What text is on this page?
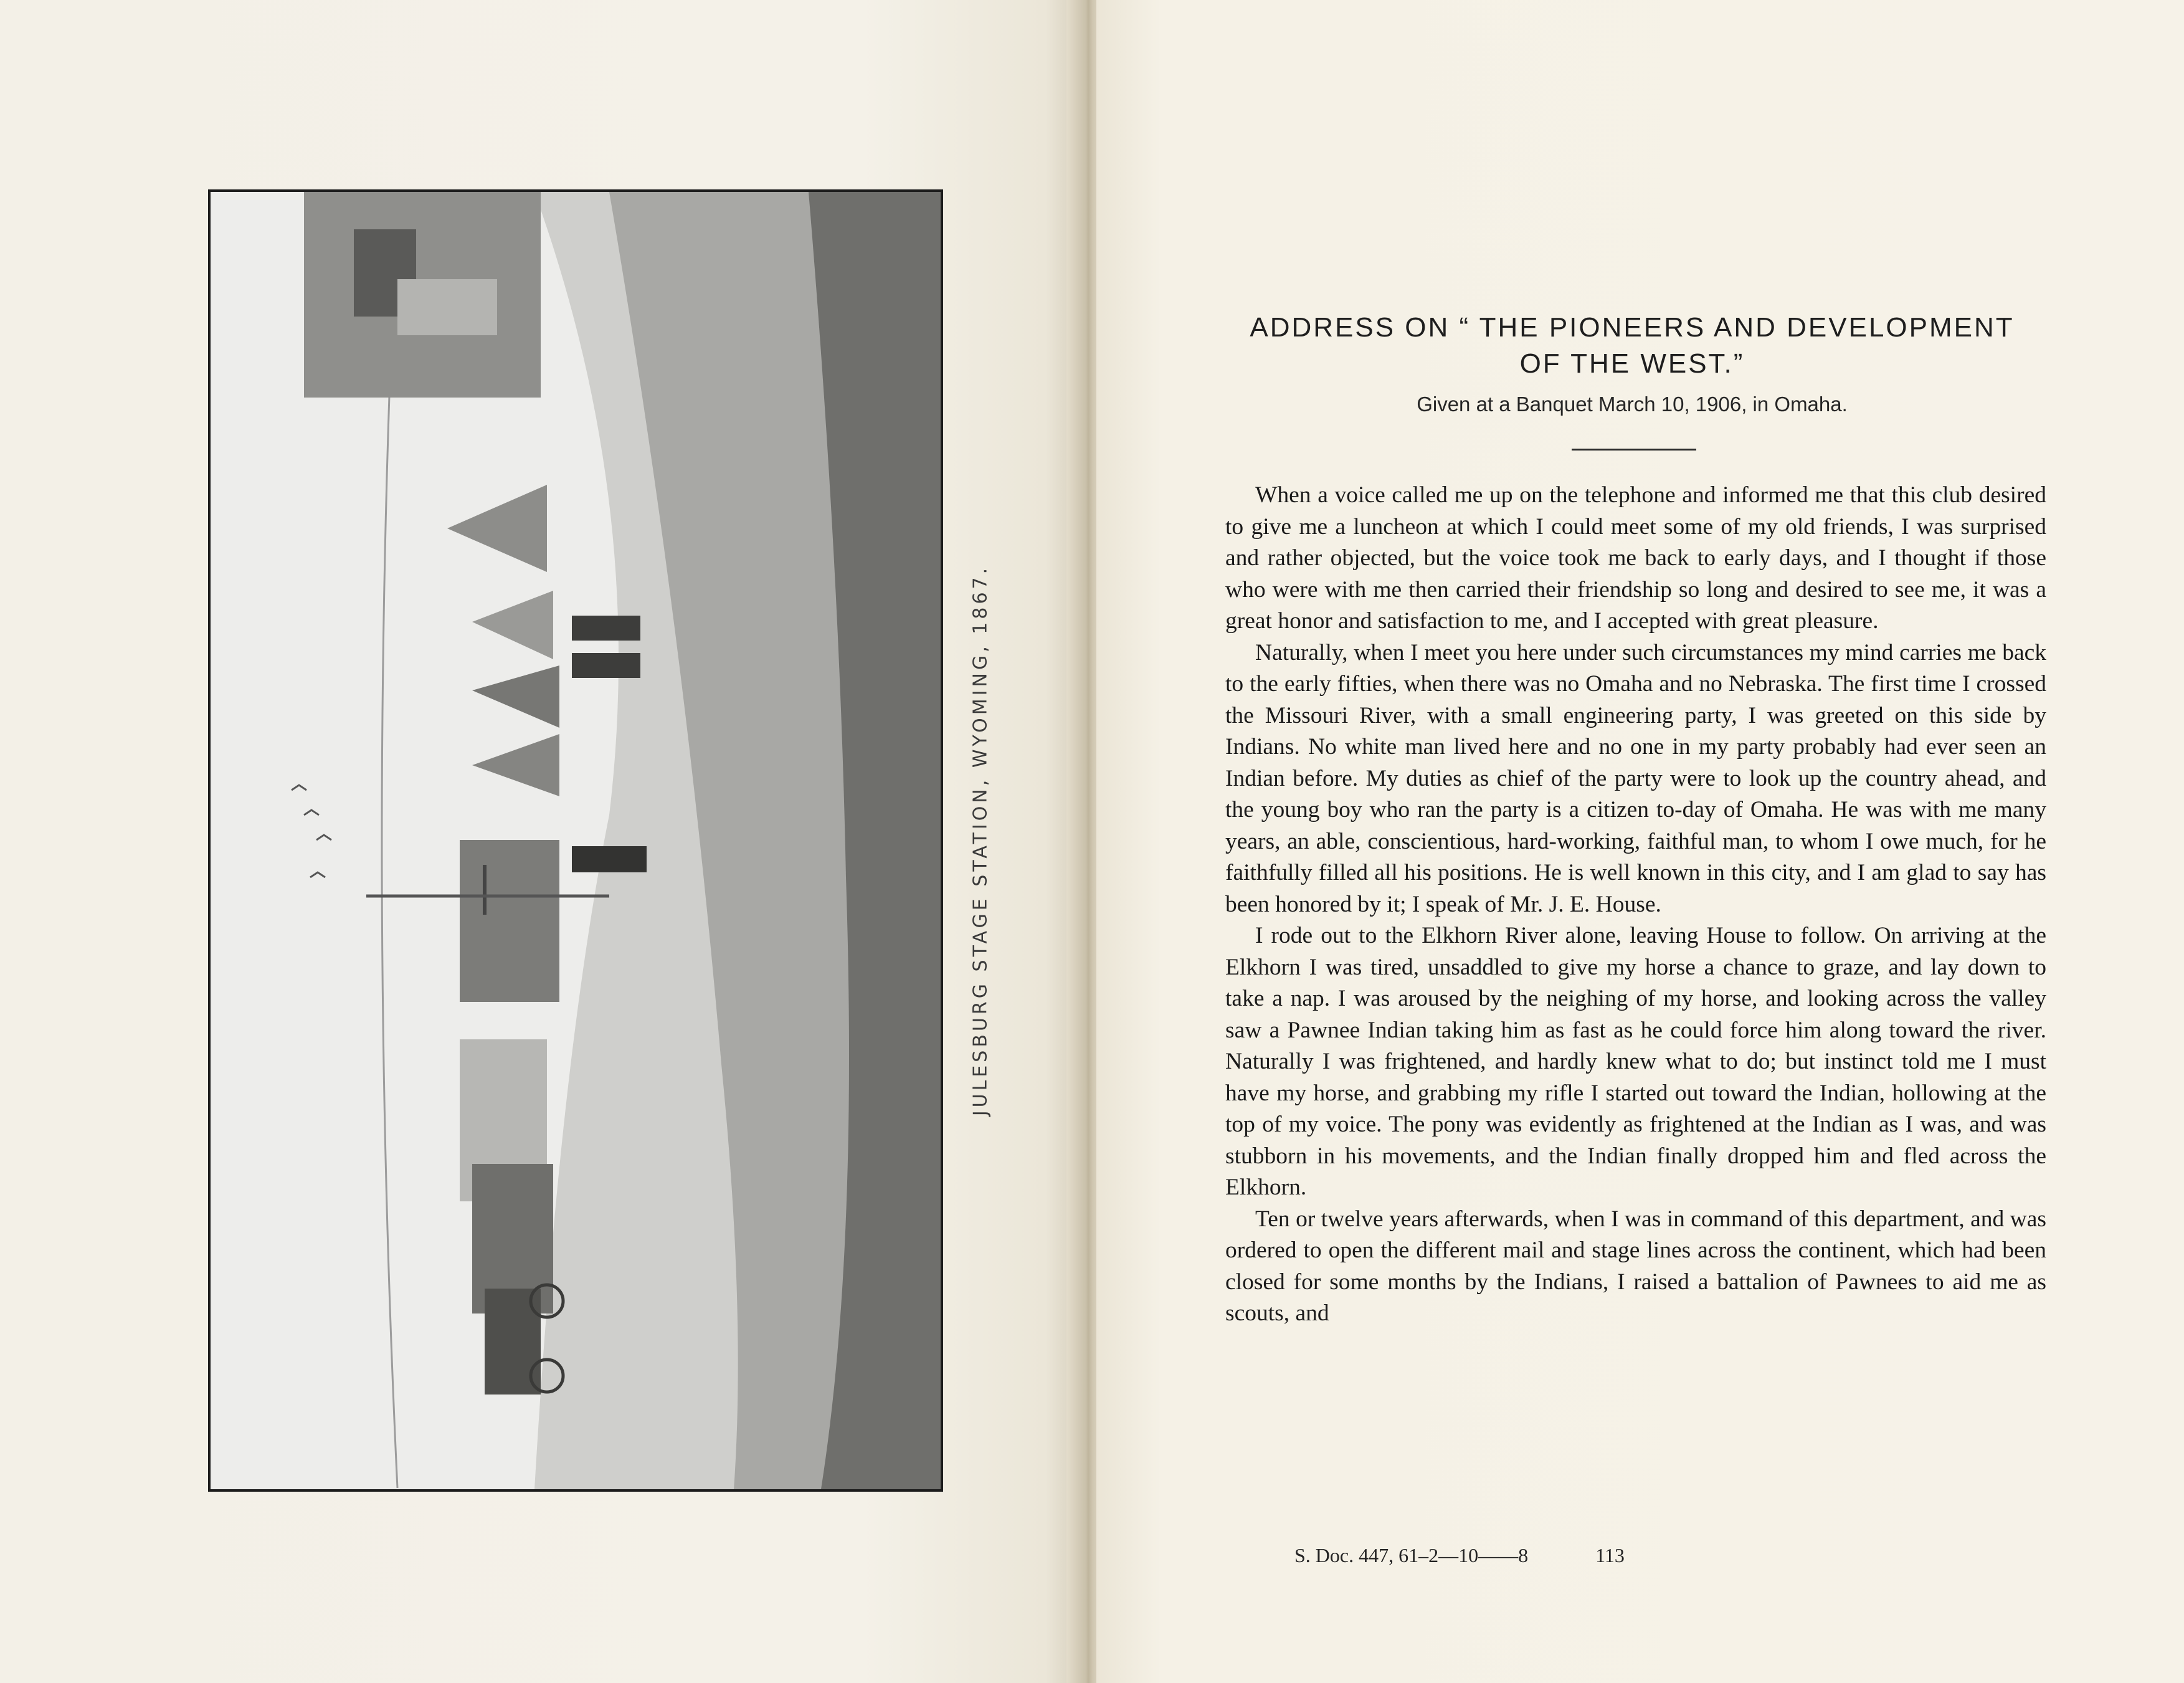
JULESBURG STAGE STATION, WYOMING, 1867.
ADDRESS ON “ THE PIONEERS AND DEVELOPMENT
OF THE WEST.”

Given at a Banquet March 10, 1906, in Omaha.

When a voice called me up on the telephone and informed me that this club desired to give me a luncheon at which I could meet some of my old friends, I was surprised and rather objected, but the voice took me back to early days, and I thought if those who were with me then carried their friendship so long and desired to see me, it was a great honor and satisfaction to me, and I accepted with great pleasure.

Naturally, when I meet you here under such circumstances my mind carries me back to the early fifties, when there was no Omaha and no Nebraska. The first time I crossed the Missouri River, with a small engineering party, I was greeted on this side by Indians. No white man lived here and no one in my party probably had ever seen an Indian before. My duties as chief of the party were to look up the country ahead, and the young boy who ran the party is a citizen to-day of Omaha. He was with me many years, an able, conscientious, hard-working, faithful man, to whom I owe much, for he faithfully filled all his positions. He is well known in this city, and I am glad to say has been honored by it; I speak of Mr. J. E. House.

I rode out to the Elkhorn River alone, leaving House to follow. On arriving at the Elkhorn I was tired, unsaddled to give my horse a chance to graze, and lay down to take a nap. I was aroused by the neighing of my horse, and looking across the valley saw a Pawnee Indian taking him as fast as he could force him along toward the river. Naturally I was frightened, and hardly knew what to do; but instinct told me I must have my horse, and grabbing my rifle I started out toward the Indian, hollowing at the top of my voice. The pony was evidently as frightened at the Indian as I was, and was stubborn in his movements, and the Indian finally dropped him and fled across the Elkhorn.

Ten or twelve years afterwards, when I was in command of this department, and was ordered to open the different mail and stage lines across the continent, which had been closed for some months by the Indians, I raised a battalion of Pawnees to aid me as scouts, and

S. Doc. 447, 61–2—10——8	113
